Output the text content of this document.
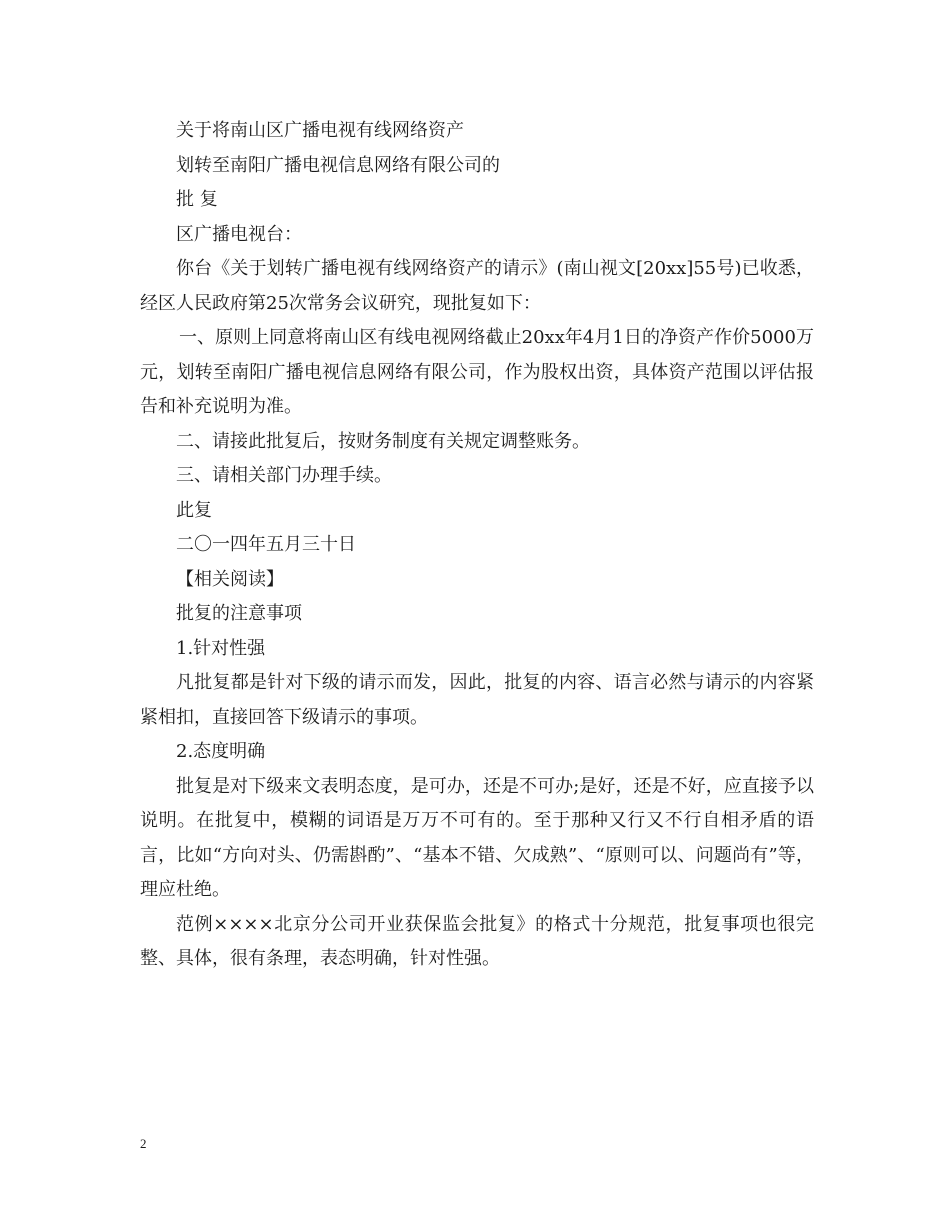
关于将南山区广播电视有线网络资产

划转至南阳广播电视信息网络有限公司的

批 复

区广播电视台：

你台《关于划转广播电视有线网络资产的请示》(南山视文[20xx]55号)已收悉，经区人民政府第25次常务会议研究，现批复如下：

一、原则上同意将南山区有线电视网络截止20xx年4月1日的净资产作价5000万元，划转至南阳广播电视信息网络有限公司，作为股权出资，具体资产范围以评估报告和补充说明为准。

二、请接此批复后，按财务制度有关规定调整账务。

三、请相关部门办理手续。

此复

二〇一四年五月三十日

【相关阅读】

批复的注意事项

1.针对性强

凡批复都是针对下级的请示而发，因此，批复的内容、语言必然与请示的内容紧紧相扣，直接回答下级请示的事项。

2.态度明确

批复是对下级来文表明态度，是可办，还是不可办;是好，还是不好，应直接予以说明。在批复中，模糊的词语是万万不可有的。至于那种又行又不行自相矛盾的语言，比如“方向对头、仍需斟酌”、“基本不错、欠成熟”、“原则可以、问题尚有”等，理应杜绝。

范例××××北京分公司开业获保监会批复》的格式十分规范，批复事项也很完整、具体，很有条理，表态明确，针对性强。

2
